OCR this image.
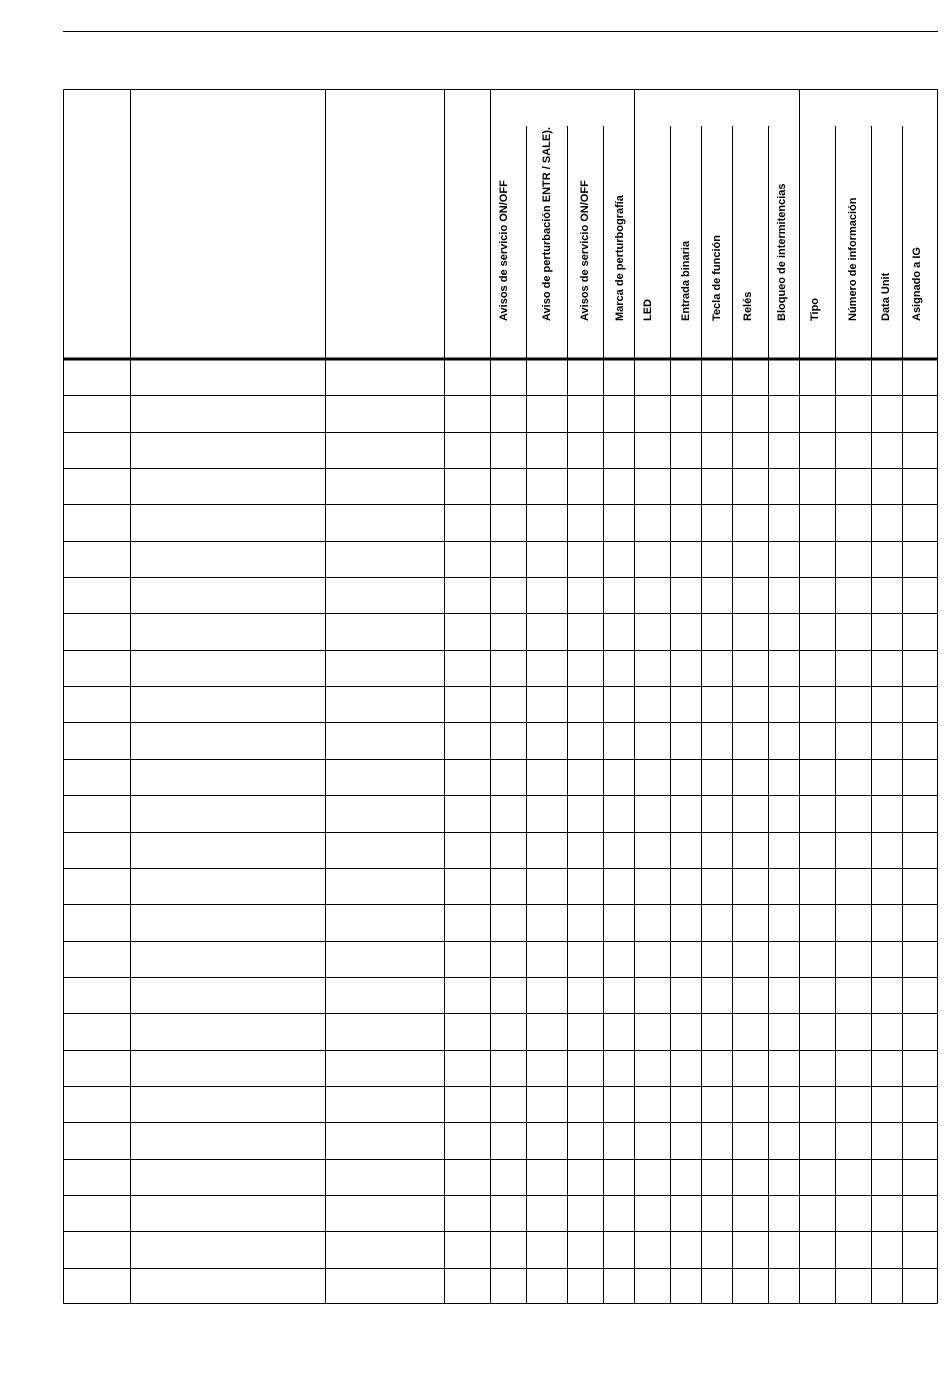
Avisos de servicio ON/OFF	Aviso de perturbación ENTR / SALE). Avisos de servicio ON/OFF Marca de perturbografía LED Entrada binaria Tecla de función Relés Bloqueo de intermitencias Tipo Número de información Data Unit Asignado a IG
